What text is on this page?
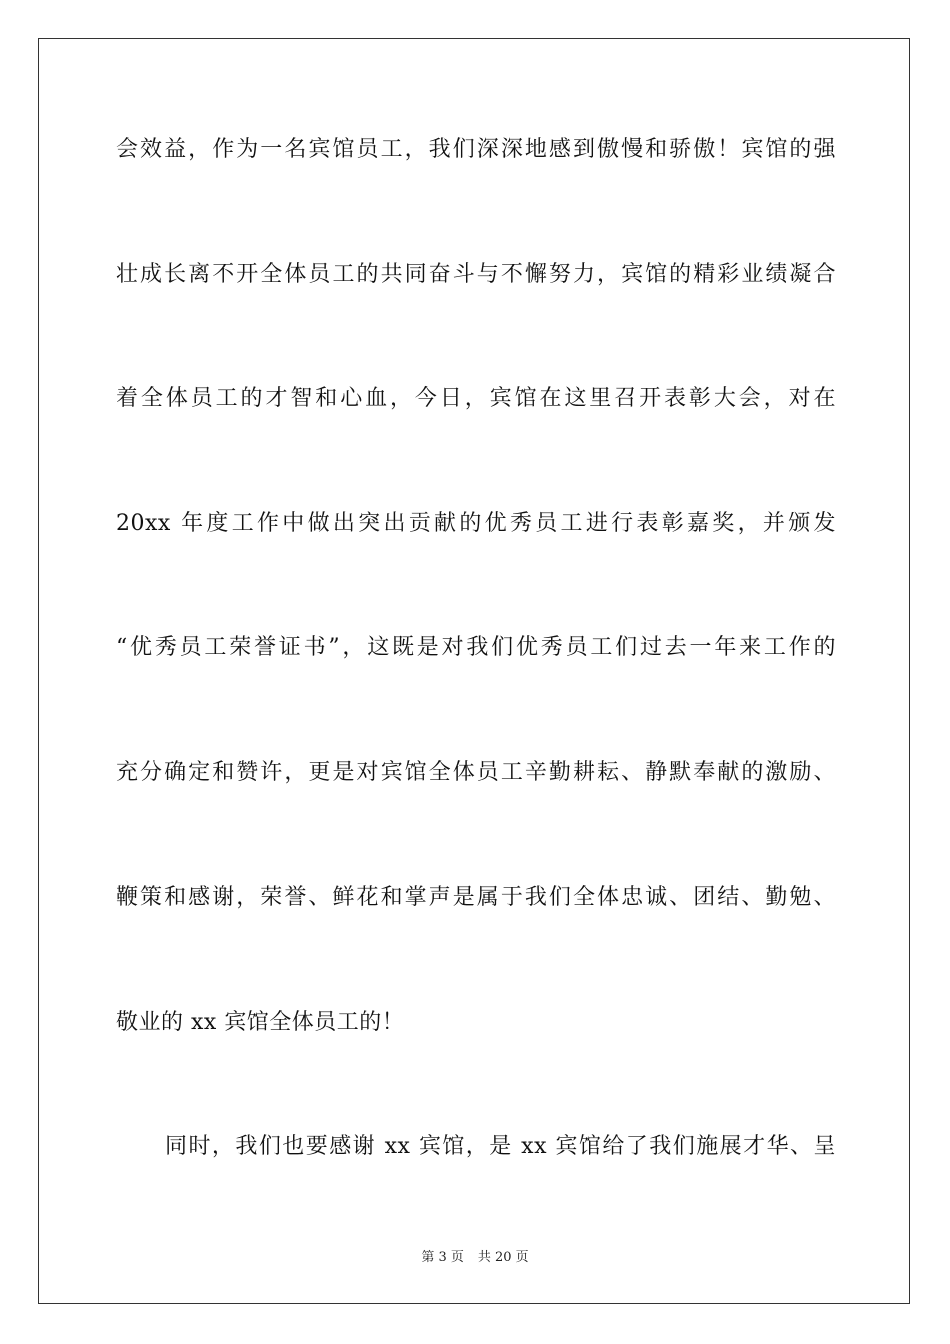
会效益，作为一名宾馆员工，我们深深地感到傲慢和骄傲！宾馆的强
壮成长离不开全体员工的共同奋斗与不懈努力，宾馆的精彩业绩凝合
着全体员工的才智和心血，今日，宾馆在这里召开表彰大会，对在
20xx 年度工作中做出突出贡献的优秀员工进行表彰嘉奖，并颁发
“优秀员工荣誉证书”，这既是对我们优秀员工们过去一年来工作的
充分确定和赞许，更是对宾馆全体员工辛勤耕耘、静默奉献的激励、
鞭策和感谢，荣誉、鲜花和掌声是属于我们全体忠诚、团结、勤勉、
敬业的 xx 宾馆全体员工的！
同时，我们也要感谢 xx 宾馆，是 xx 宾馆给了我们施展才华、呈
第 3 页 共 20 页
